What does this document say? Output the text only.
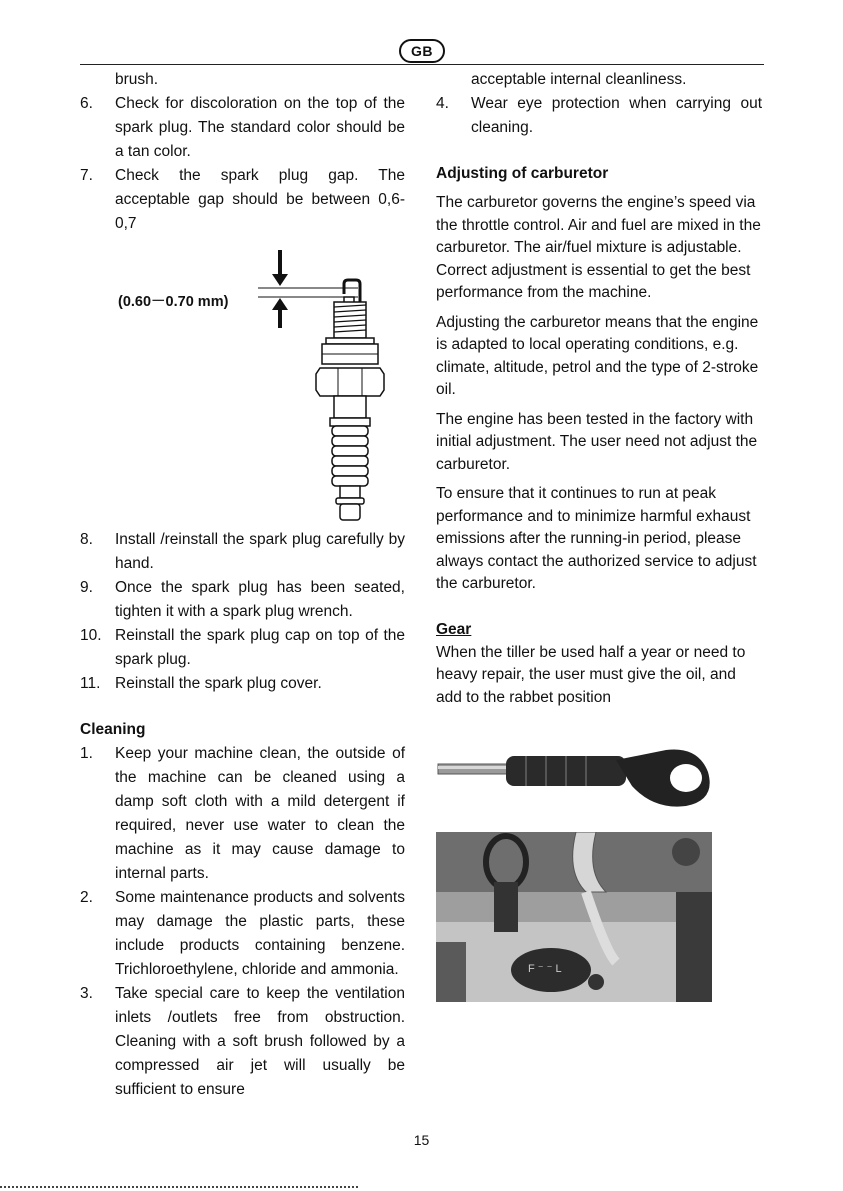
GB
brush.
6. Check for discoloration on the top of the spark plug. The standard color should be a tan color.
7. Check the spark plug gap. The acceptable gap should be between 0,6-0,7
(0.60－0.70 mm)
8. Install /reinstall the spark plug carefully by hand.
9. Once the spark plug has been seated, tighten it with a spark plug wrench.
10. Reinstall the spark plug cap on top of the spark plug.
11. Reinstall the spark plug cover.
Cleaning
1. Keep your machine clean, the outside of the machine can be cleaned using a damp soft cloth with a mild detergent if required, never use water to clean the machine as it may cause damage to internal parts.
2. Some maintenance products and solvents may damage the plastic parts, these include products containing benzene. Trichloroethylene, chloride and ammonia.
3. Take special care to keep the ventilation inlets /outlets free from obstruction. Cleaning with a soft brush followed by a compressed air jet will usually be sufficient to ensure
acceptable internal cleanliness.
4. Wear eye protection when carrying out cleaning.
Adjusting of carburetor

The carburetor governs the engine’s speed via the throttle control. Air and fuel are mixed in the carburetor. The air/fuel mixture is adjustable. Correct adjustment is essential to get the best performance from the machine.

Adjusting the carburetor means that the engine is adapted to local operating conditions, e.g. climate, altitude, petrol and the type of 2-stroke oil.

The engine has been tested in the factory with initial adjustment. The user need not adjust the carburetor.

To ensure that it continues to run at peak performance and to minimize harmful exhaust emissions after the running-in period, please always contact the authorized service to adjust the carburetor.

Gear

When the tiller be used half a year or need to heavy repair, the user must give the oil, and add to the rabbet position

F ⁻ ⁻ L
15
